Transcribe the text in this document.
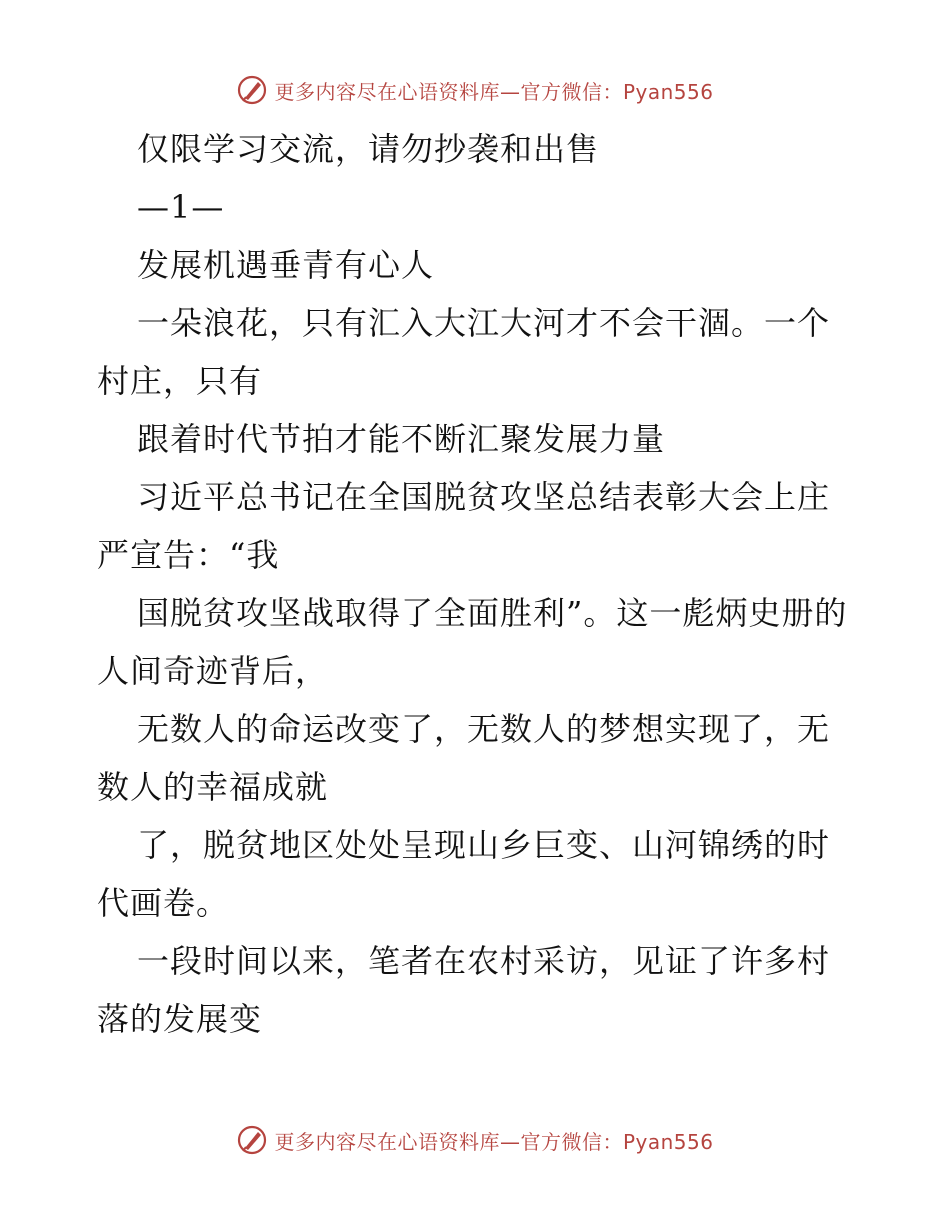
更多内容尽在心语资料库—官方微信：Pyan556

仅限学习交流，请勿抄袭和出售

—1—

发展机遇垂青有心人

一朵浪花，只有汇入大江大河才不会干涸。一个村庄，只有

跟着时代节拍才能不断汇聚发展力量

习近平总书记在全国脱贫攻坚总结表彰大会上庄严宣告：“我

国脱贫攻坚战取得了全面胜利”。这一彪炳史册的人间奇迹背后，

无数人的命运改变了，无数人的梦想实现了，无数人的幸福成就

了，脱贫地区处处呈现山乡巨变、山河锦绣的时代画卷。

一段时间以来，笔者在农村采访，见证了许多村落的发展变

更多内容尽在心语资料库—官方微信：Pyan556
